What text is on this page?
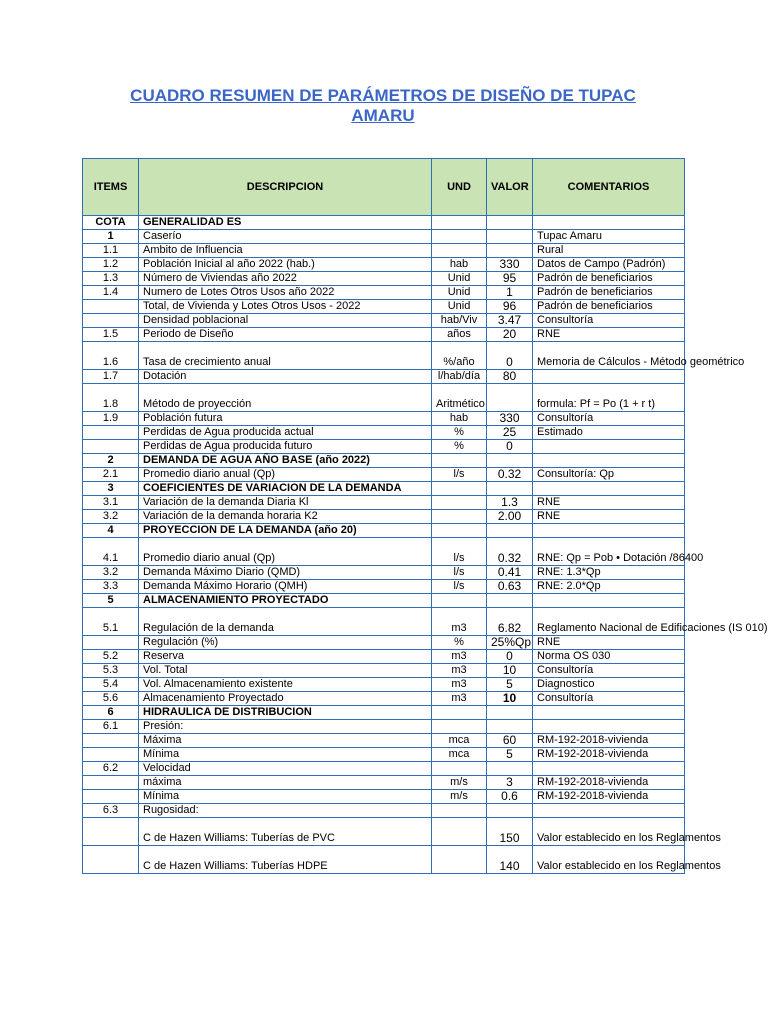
CUADRO RESUMEN DE PARÁMETROS DE DISEÑO DE TUPAC
AMARU
ITEMS	DESCRIPCION	UND	VALOR	COMENTARIOS
COTA	GENERALIDAD ES			
1	Caserío			Tupac Amaru
1.1	Ambito de Influencia			Rural
1.2	Población Inicial al año 2022 (hab.)	hab	330	Datos de Campo (Padrón)
1.3	Número de Viviendas año 2022	Unid	95	Padrón de beneficiarios
1.4	Numero de Lotes Otros Usos año 2022	Unid	1	Padrón de beneficiarios
	Total, de Vivienda y Lotes Otros Usos - 2022	Unid	96	Padrón de beneficiarios
	Densidad poblacional	hab/Viv	3.47	Consultoría
1.5	Periodo de Diseño	años	20	RNE
1.6	Tasa de crecimiento anual	%/año	0	Memoria de Cálculos - Método geométrico
1.7	Dotación	l/hab/día	80	
1.8	Método de proyección	Aritmético		formula: Pf = Po (1 + r t)
1.9	Población futura	hab	330	Consultoría
	Perdidas de Agua producida actual	%	25	Estimado
	Perdidas de Agua producida futuro	%	0	
2	DEMANDA DE AGUA AÑO BASE (año 2022)			
2.1	Promedio diario anual (Qp)	l/s	0.32	Consultoría: Qp
3	COEFICIENTES DE VARIACION DE LA DEMANDA			
3.1	Variación de la demanda Diaria Kl		1.3	RNE
3.2	Variación de la demanda horaria K2		2.00	RNE
4	PROYECCION DE LA DEMANDA (año 20)			
4.1	Promedio diario anual (Qp)	l/s	0.32	RNE: Qp = Pob • Dotación /86400
3.2	Demanda Máximo Diario (QMD)	l/s	0.41	RNE: 1.3*Qp
3.3	Demanda Máximo Horario (QMH)	l/s	0.63	RNE: 2.0*Qp
5	ALMACENAMIENTO PROYECTADO			
5.1	Regulación de la demanda	m3	6.82	Reglamento Nacional de Edificaciones (IS 010)
	Regulación (%)	%	25%Qp	RNE
5.2	Reserva	m3	0	Norma OS 030
5.3	Vol. Total	m3	10	Consultoría
5.4	Vol. Almacenamiento existente	m3	5	Diagnostico
5.6	Almacenamiento Proyectado	m3	10	Consultoría
6	HIDRAULICA DE DISTRIBUCION			
6.1	Presión:			
	Máxima	mca	60	RM-192-2018-vivienda
	Mínima	mca	5	RM-192-2018-vivienda
6.2	Velocidad			
	máxima	m/s	3	RM-192-2018-vivienda
	Mínima	m/s	0.6	RM-192-2018-vivienda
6.3	Rugosidad:			
	C de Hazen Williams: Tuberías de PVC		150	Valor establecido en los Reglamentos
	C de Hazen Williams: Tuberías HDPE		140	Valor establecido en los Reglamentos
